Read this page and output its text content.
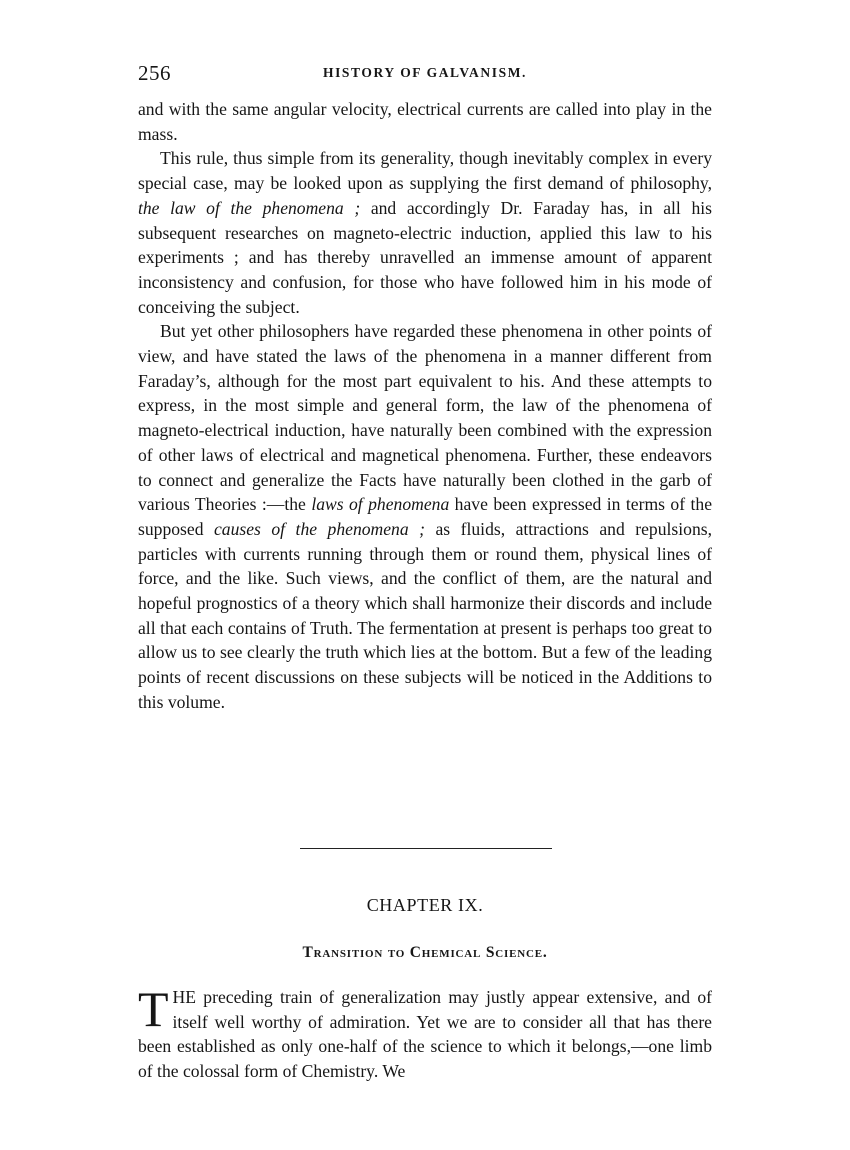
256	HISTORY OF GALVANISM.

and with the same angular velocity, electrical currents are called into play in the mass.

This rule, thus simple from its generality, though inevitably complex in every special case, may be looked upon as supplying the first demand of philosophy, the law of the phenomena ; and accordingly Dr. Faraday has, in all his subsequent researches on magneto-electric induction, applied this law to his experiments ; and has thereby unravelled an immense amount of apparent inconsistency and confusion, for those who have followed him in his mode of conceiving the subject.

But yet other philosophers have regarded these phenomena in other points of view, and have stated the laws of the phenomena in a manner different from Faraday’s, although for the most part equivalent to his. And these attempts to express, in the most simple and general form, the law of the phenomena of magneto-electrical induction, have naturally been combined with the expression of other laws of electrical and magnetical phenomena. Further, these endeavors to connect and generalize the Facts have naturally been clothed in the garb of various Theories :—the laws of phenomena have been expressed in terms of the supposed causes of the phenomena ; as fluids, attractions and repulsions, particles with currents running through them or round them, physical lines of force, and the like. Such views, and the conflict of them, are the natural and hopeful prognostics of a theory which shall harmonize their discords and include all that each contains of Truth. The fermentation at present is perhaps too great to allow us to see clearly the truth which lies at the bottom. But a few of the leading points of recent discussions on these subjects will be noticed in the Additions to this volume.

CHAPTER IX.
Transition to Chemical Science.

THE preceding train of generalization may justly appear extensive, and of itself well worthy of admiration. Yet we are to consider all that has there been established as only one-half of the science to which it belongs,—one limb of the colossal form of Chemistry. We
